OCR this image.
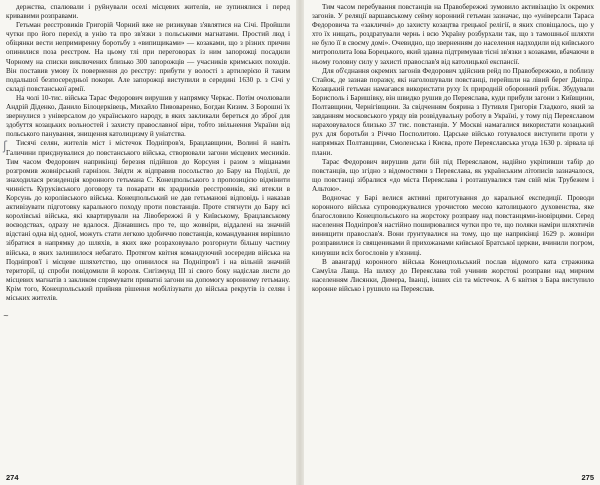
держства, спалювали і руйнували оселі місцевих жителів, не зупинялися і перед кривавими розправами.

Гетьман реєстровиків Григорій Чорний вже не ризикував з'являтися на Січі. Пройшли чутки про його перехід в унію та про зв'язки з польськими магнатами. Простий люд і обіцянки вести непримиренну боротьбу з «випищиками» — козаками, що з різних причин опинилися поза реєстром. На цьому тлі при переговорах із ним запорожці посадили Чорному на списки виключених близько 300 запорожців — учасників кримських походів. Він поставив умову їх повернення до реєстру: прибути у волості з артилерією й таким подальшої безпосередньої покори. Але запорожці виступили в середині 1630 р. з Січі у складі повстанської армії.

На чолі 10-тис. війська Тарас Федорович вирушив у напрямку Черкас. Потім очолювали Андрій Діденко, Данило Білоцерківець, Михайло Пивоваренко, Богдан Кизим. З Борошні їх звернулися з універсалом до українського народу, в яких закликали береться до зброї для здобуття козацьких вольностей і захисту православної віри, тобто звільнення України від польського панування, знищення католицизму й уніатства.

Тисячі селян, жителів міст і містечок Подніпров'я, Брацлавщини, Волині й навіть Галичини приєднувалися до повстанського війська, створювали загони місцевих месників. Тим часом Федорович наприкінці березня підійшов до Корсуня і разом з міщанами розгромив жовнірський гарнізон. Звідти ж відправив посольство до Бару на Поділлі, де знаходилася резиденція коронного гетьмана С. Конецпольського з пропозицією відмінити чинність Куруківського договору та покарати як зрадників реєстровиків, які втекли в Корсунь до королівського війська. Конецпольський не дав гетьманові відповідь і наказав активізувати підготовку карального походу проти повстанців. Проте стягнути до Бару всі королівські війська, які квартирували на Лівобережжі й у Київському, Брацлавському воєводствах, одразу не вдалося. Дізнавшись про те, що жовніри, віддалені на значній відстані одна від одної, можуть стати легкою здобиччю повстанців, командування вирішило зібратися в напрямку до шляхів, в яких вже розраховувало розгорнути більшу частину війська, в яких залишилося небагато. Протягом квітня командуючий зосередив війська на Подніпров'ї і місцеве шляхетство, що опинилося на Подніпров'ї і на вільній значній території, ці спроби повідомили й короля. Сигізмунд III зі свого боку надіслав листи до місцевих магнатів з закликом спрямувати приватні загони на допомогу коронному гетьману. Крім того, Конецпольський прийняв рішення мобілізувати до війська рекрутів із селян і міських жителів.

274

Тим часом перебування повстанців на Правобережжі зумовило активізацію їх окремих загонів. У реляції варшавському сейму коронний гетьман зазначає, що «універсали Тараса Федоровича та «закличні» до захисту козацтва грецької релігії, в яких сповіщалось, що у хто їх нищать, роздратували чернь і всю Україну розбурхали так, що з тамошньої шляхти не було її в своєму домі». Очевидно, що зверненням до населення надходили від київського митрополита Іова Борецького, який здавна підтримував тісні зв'язки з козаками, вбачаючи в ньому головну силу у захисті православ'я від католицької експансії.

Для об'єднання окремих загонів Федорович здійснив рейд по Правобережжю, в поблизу Стайок, де зазнав поразку, які наголошували повстанці, перейшли на лівий берег Дніпра. Козацький гетьман намагався використати руху їх природній оборонний рубіж. Збудували Борисполь і Баришівку, він швидко рушив до Переяслава, куди прибули загони з Київщини, Полтавщини, Чернігівщини. За свідченням боярина з Путивля Григорія Гладкого, який за завданням московського уряду вів розвідувальну роботу в Україні, у тому під Переяславом нараховувалося близько 37 тис. повстанців. У Москві намагалися використати козацький рух для боротьби з Річчю Посполитою. Царське військо готувалося виступити проти у напрямках Полтавщини, Смоленська і Києва, проте Переяславська угода 1630 р. зірвала ці плани.

Тарас Федорович вирушив дати бій під Переяславом, надійно укріпивши табір до повстанців, що згідно з відомостями з Переяслава, як українським літописів зазначалося, що повстанці зібралися «до міста Переяслава і розташувалися там свій між Трубежем і Альтою».

Водночас у Барі велися активні приготування до каральної експедиції. Проводи коронного війська супроводжувалися урочистою месою католицького духовенства, яке благословило Конецпольського на жорстоку розправу над повстанцями-іновірцями. Серед населення Подніпров'я настійно поширювалися чутки про те, що поляки наміри шляхтичів винищити православ'я. Вони ґрунтувалися на тому, що ще наприкінці 1629 р. жовніри розправилися із священиками й прихожанами київської Братської церкви, вчинили погром, кинувши всіх богословів у в'язниці.

В авангарді коронного війська Конецпольський послав відомого ката стражника Самуїла Лаща. На шляху до Переяслава той учинив жорстокі розправи над мирним населенням Лисянки, Димера, Іванці, інших сіл та містечок. А 6 квітня з Бара виступило коронне військо і рушило на Переяслав.

ʃ
~
275
